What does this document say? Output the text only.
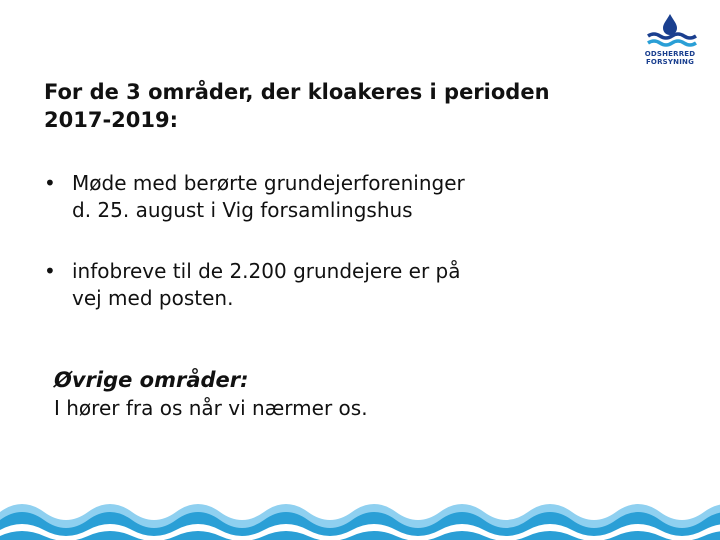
ODSHERRED
FORSYNING
For de 3 områder, der kloakeres i perioden
2017-2019:
• Møde med berørte grundejerforeninger
d. 25. august i Vig forsamlingshus
• infobreve til de 2.200 grundejere er på
vej med posten.
Øvrige områder:
I hører fra os når vi nærmer os.
